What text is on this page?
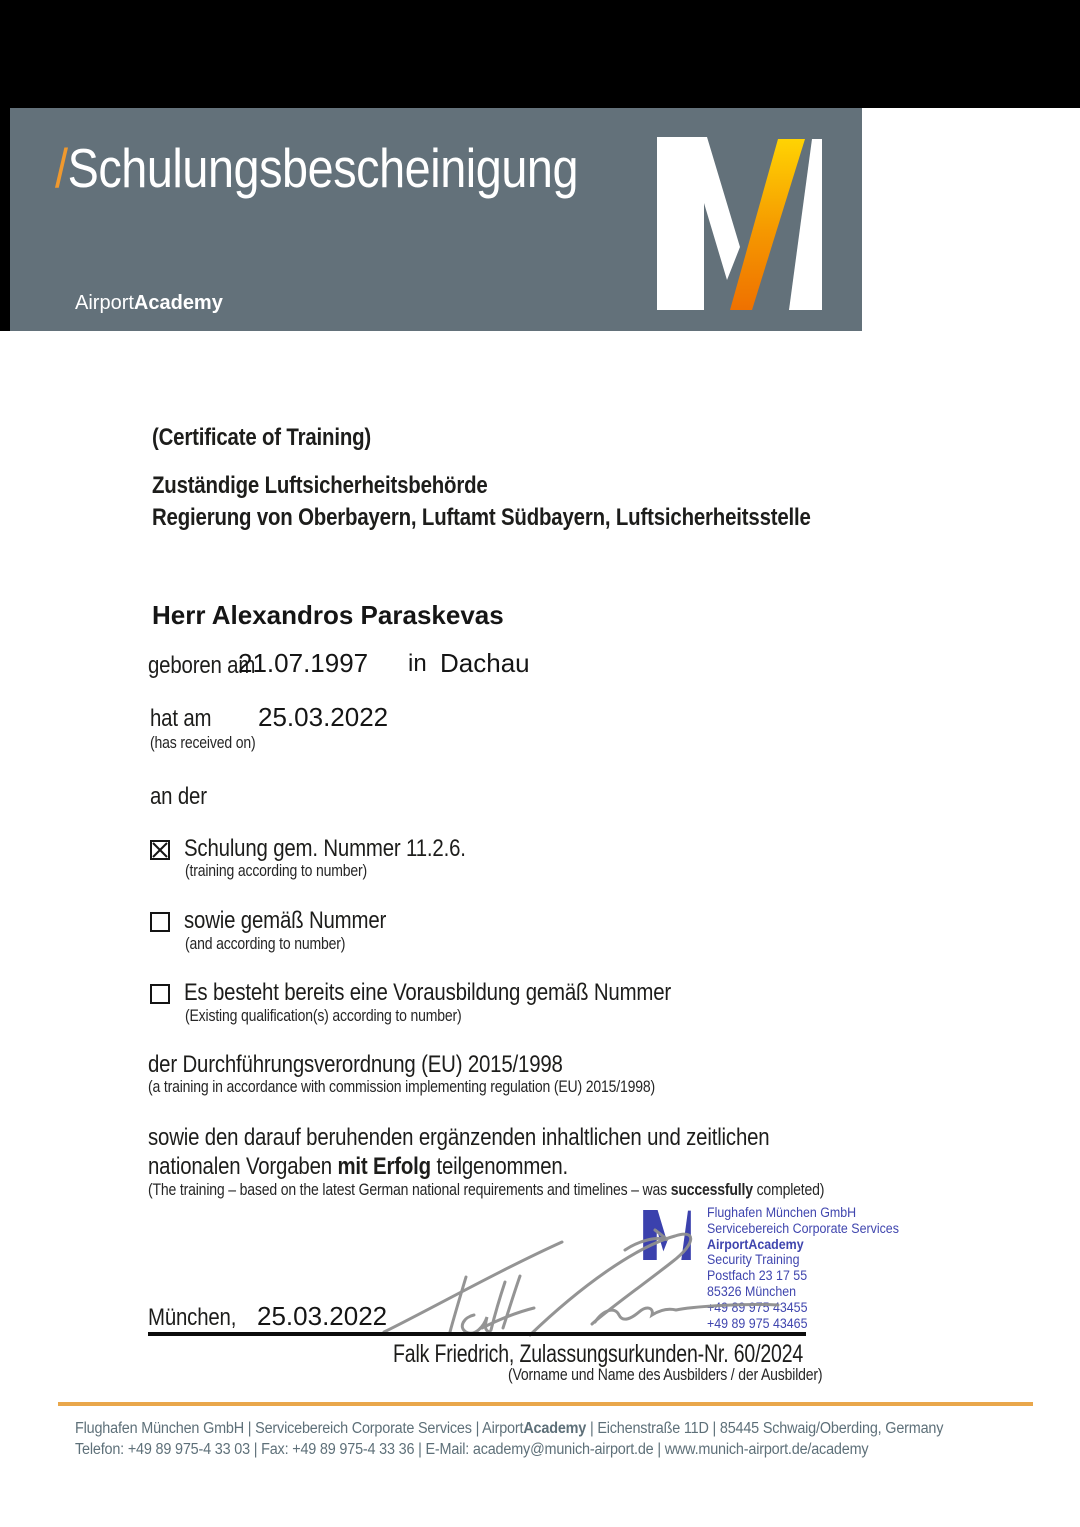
/Schulungsbescheinigung
AirportAcademy
(Certificate of Training)
Zuständige Luftsicherheitsbehörde
Regierung von Oberbayern, Luftamt Südbayern, Luftsicherheitsstelle
Herr Alexandros Paraskevas
geboren am
21.07.1997 in Dachau
hat am	25.03.2022
(has received on)
an der
Schulung gem. Nummer 11.2.6.
(training according to number)
sowie gemäß Nummer
(and according to number)
Es besteht bereits eine Vorausbildung gemäß Nummer
(Existing qualification(s) according to number)
der Durchführungsverordnung (EU) 2015/1998
(a training in accordance with commission implementing regulation (EU) 2015/1998)
sowie den darauf beruhenden ergänzenden inhaltlichen und zeitlichen
nationalen Vorgaben mit Erfolg teilgenommen.
(The training – based on the latest German national requirements and timelines – was successfully completed)
Flughafen München GmbH
Servicebereich Corporate Services
AirportAcademy
Security Training
Postfach 23 17 55
85326 München
+49 89 975 43455
+49 89 975 43465
München, 25.03.2022
Falk Friedrich, Zulassungsurkunden-Nr. 60/2024
(Vorname und Name des Ausbilders / der Ausbilder)
Flughafen München GmbH | Servicebereich Corporate Services | AirportAcademy | Eichenstraße 11D | 85445 Schwaig/Oberding, Germany
Telefon: +49 89 975-4 33 03 | Fax: +49 89 975-4 33 36 | E-Mail: academy@munich-airport.de | www.munich-airport.de/academy
